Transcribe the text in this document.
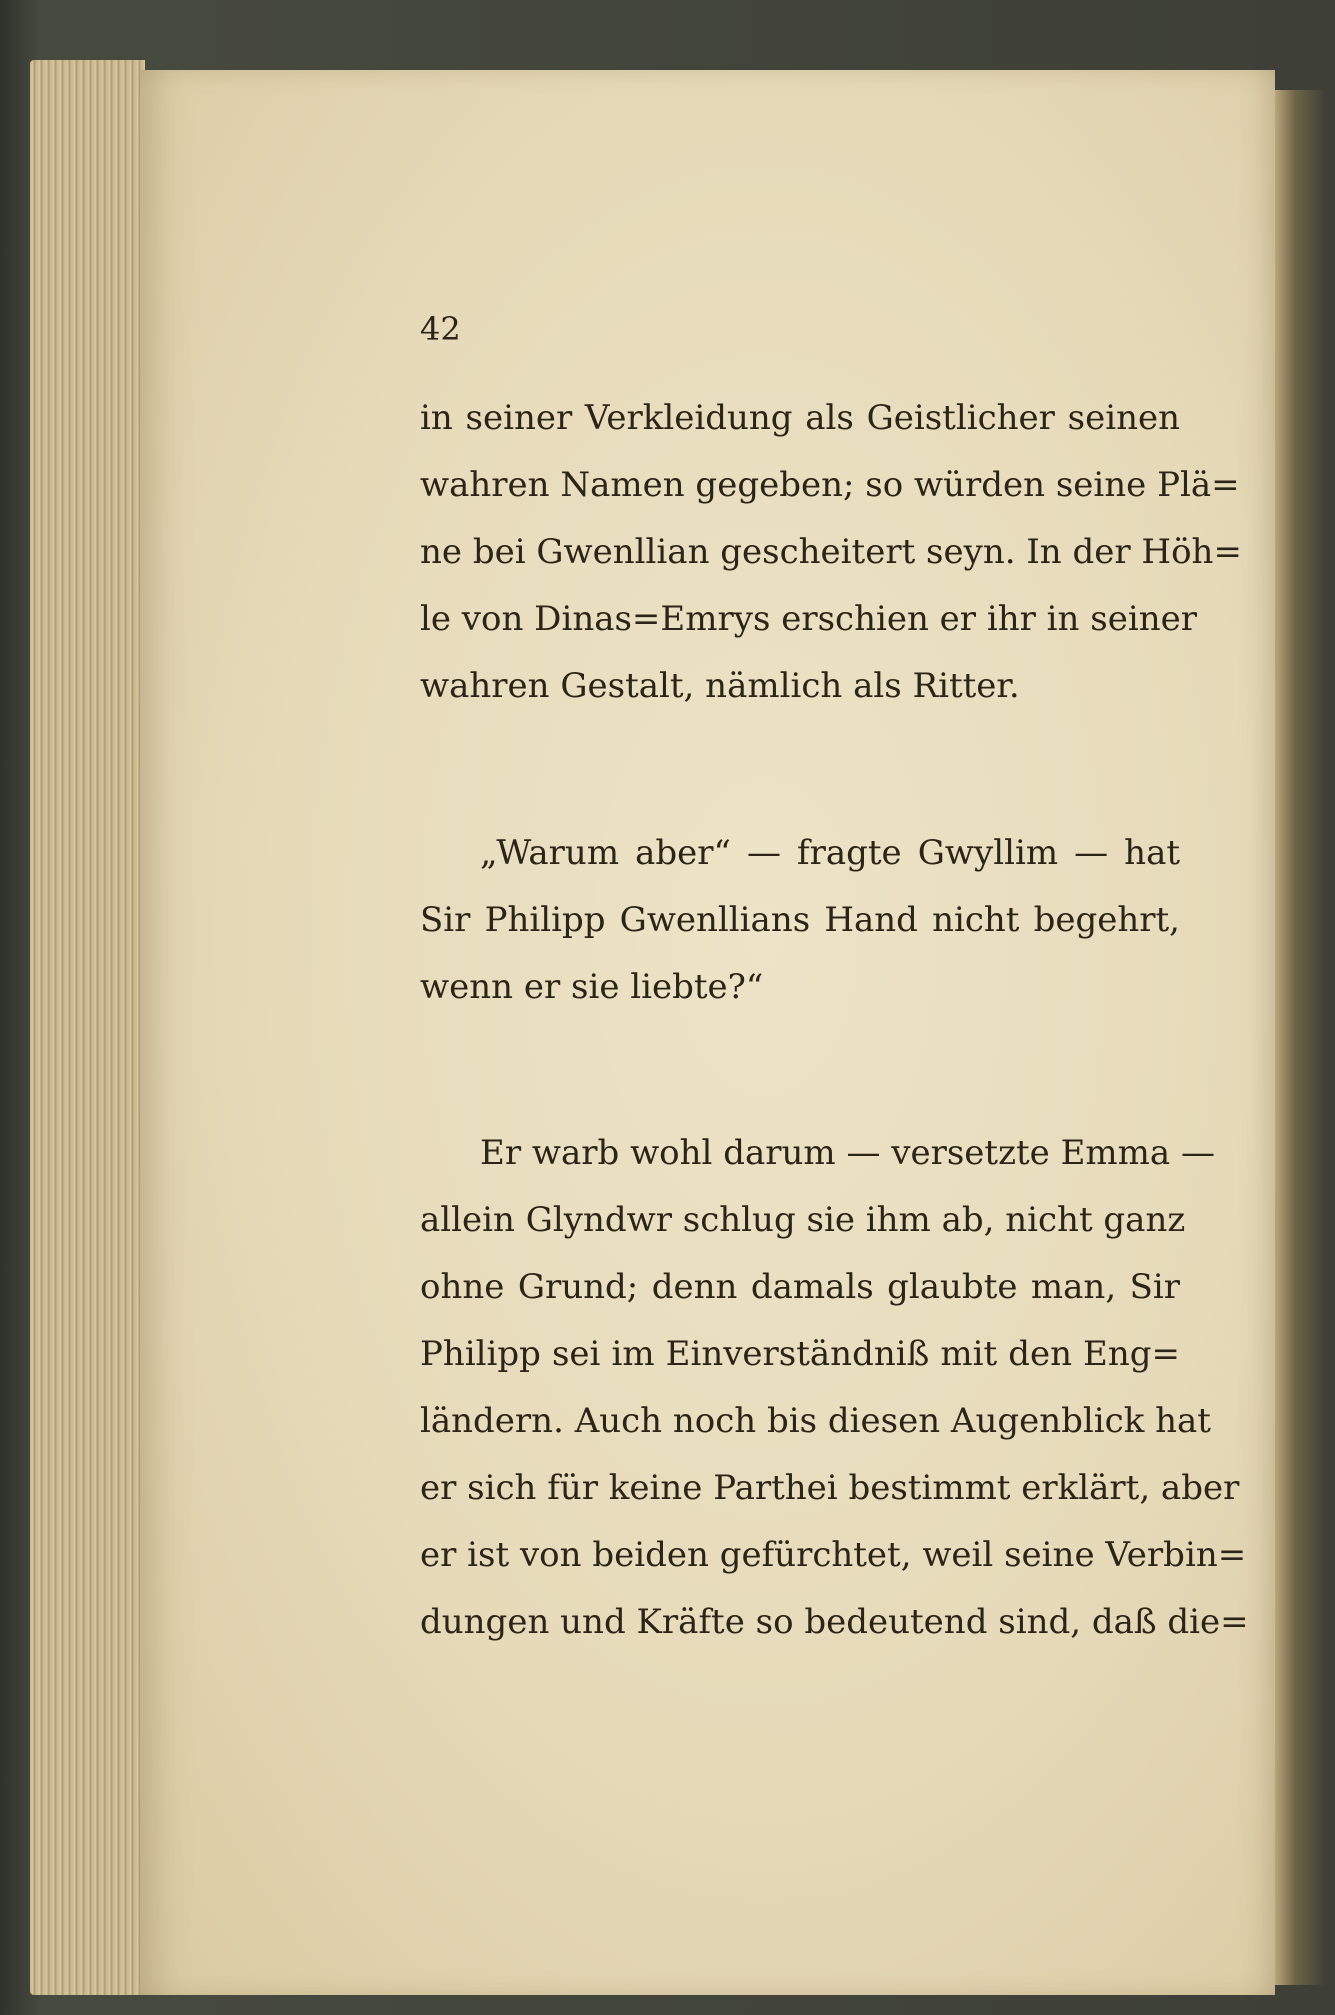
42
in seiner Verkleidung als Geistlicher seinen
wahren Namen gegeben; so würden seine Plä=
ne bei Gwenllian gescheitert seyn. In der Höh=
le von Dinas=Emrys erschien er ihr in seiner
wahren Gestalt, nämlich als Ritter.
„Warum aber“ — fragte Gwyllim — hat
Sir Philipp Gwenllians Hand nicht begehrt,
wenn er sie liebte?“
Er warb wohl darum — versetzte Emma —
allein Glyndwr schlug sie ihm ab, nicht ganz
ohne Grund; denn damals glaubte man, Sir
Philipp sei im Einverständniß mit den Eng=
ländern. Auch noch bis diesen Augenblick hat
er sich für keine Parthei bestimmt erklärt, aber
er ist von beiden gefürchtet, weil seine Verbin=
dungen und Kräfte so bedeutend sind, daß die=
